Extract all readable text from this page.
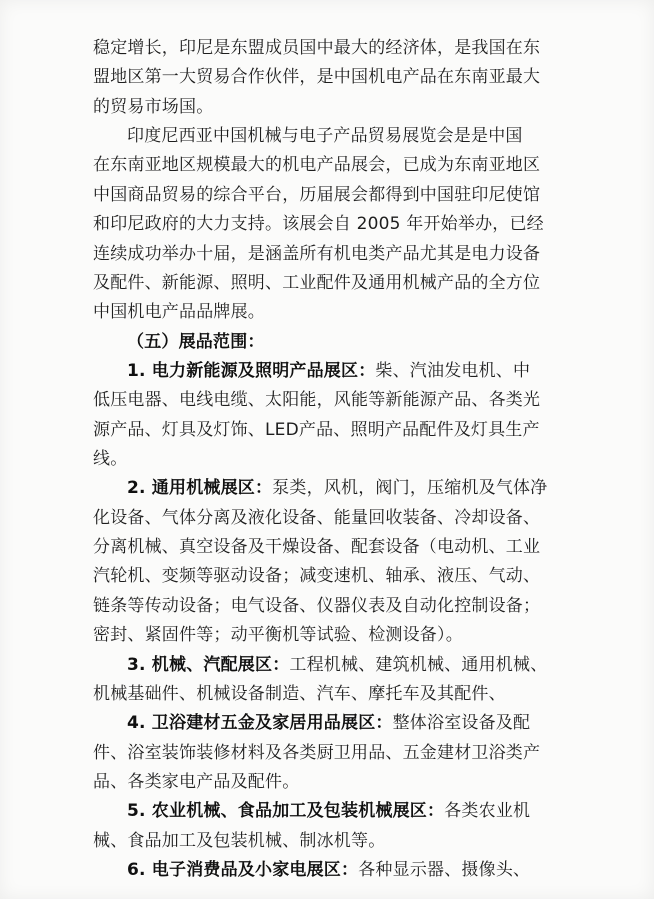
稳定增长，印尼是东盟成员国中最大的经济体，是我国在东
盟地区第一大贸易合作伙伴，是中国机电产品在东南亚最大
的贸易市场国。
印度尼西亚中国机械与电子产品贸易展览会是是中国
在东南亚地区规模最大的机电产品展会，已成为东南亚地区
中国商品贸易的综合平台，历届展会都得到中国驻印尼使馆
和印尼政府的大力支持。该展会自 2005 年开始举办，已经
连续成功举办十届，是涵盖所有机电类产品尤其是电力设备
及配件、新能源、照明、工业配件及通用机械产品的全方位
中国机电产品品牌展。
（五）展品范围：
1. 电力新能源及照明产品展区：柴、汽油发电机、中
低压电器、电线电缆、太阳能，风能等新能源产品、各类光
源产品、灯具及灯饰、LED产品、照明产品配件及灯具生产
线。
2. 通用机械展区：泵类，风机，阀门，压缩机及气体净
化设备、气体分离及液化设备、能量回收装备、冷却设备、
分离机械、真空设备及干燥设备、配套设备（电动机、工业
汽轮机、变频等驱动设备；减变速机、轴承、液压、气动、
链条等传动设备；电气设备、仪器仪表及自动化控制设备；
密封、紧固件等；动平衡机等试验、检测设备）。
3. 机械、汽配展区：工程机械、建筑机械、通用机械、
机械基础件、机械设备制造、汽车、摩托车及其配件、
4. 卫浴建材五金及家居用品展区：整体浴室设备及配
件、浴室装饰装修材料及各类厨卫用品、五金建材卫浴类产
品、各类家电产品及配件。
5. 农业机械、食品加工及包装机械展区：各类农业机
械、食品加工及包装机械、制冰机等。
6. 电子消费品及小家电展区：各种显示器、摄像头、
